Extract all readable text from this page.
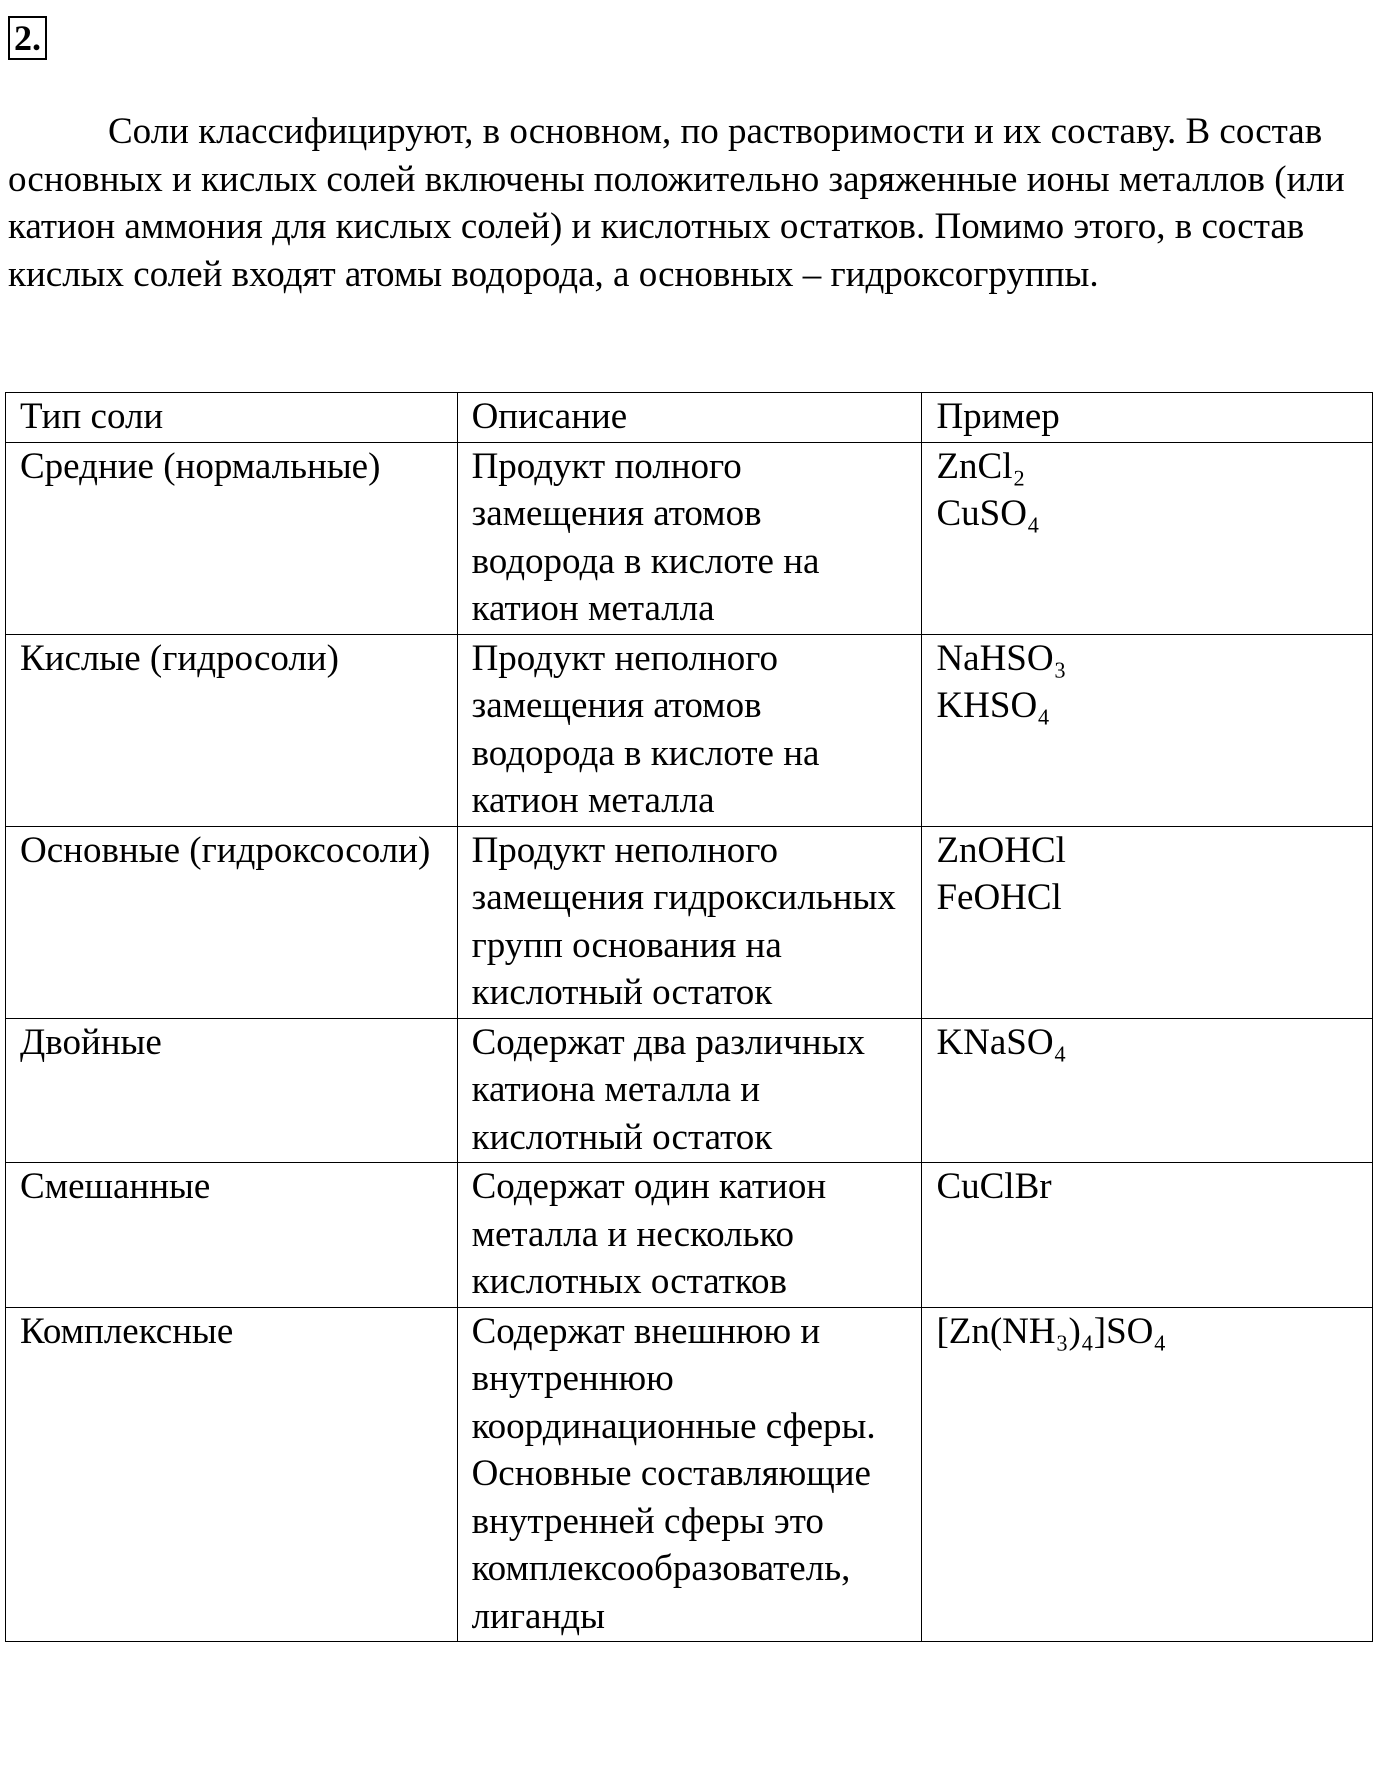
2.

Соли классифицируют, в основном, по растворимости и их составу. В состав основных и кислых солей включены положительно заряженные ионы металлов (или катион аммония для кислых солей) и кислотных остатков. Помимо этого, в состав кислых солей входят атомы водорода, а основных – гидроксогруппы.

Тип соли	Описание	Пример
Средние (нормальные)	Продукт полного замещения атомов водорода в кислоте на катион металла	ZnCl₂
CuSO₄

Кислые (гидросоли)	Продукт неполного замещения атомов водорода в кислоте на катион металла	NaHSO₃
KHSO₄

Основные (гидроксосоли)	Продукт неполного замещения гидроксильных групп основания на кислотный остаток	ZnOHCl
FeOHCl

Двойные	Содержат два различных катиона металла и кислотный остаток	KNaSO₄

Смешанные	Содержат один катион металла и несколько кислотных остатков	CuClBr

Комплексные	Содержат внешнюю и внутреннюю координационные сферы. Основные составляющие внутренней сферы это комплексообразователь, лиганды	[Zn(NH₃)₄]SO₄
